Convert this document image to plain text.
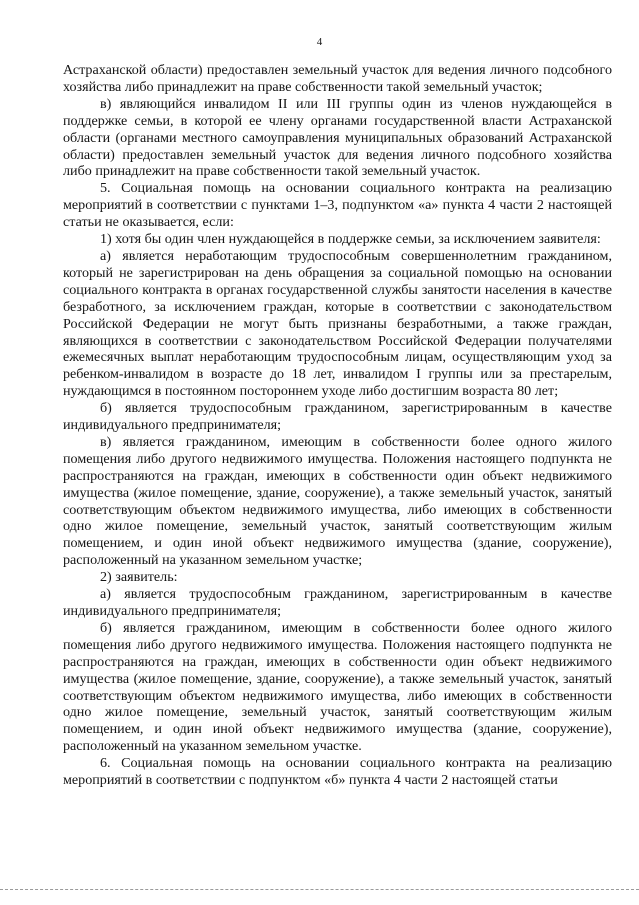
4

Астраханской области) предоставлен земельный участок для ведения личного подсобного хозяйства либо принадлежит на праве собственности такой земельный участок;

в) являющийся инвалидом II или III группы один из членов нуждающейся в поддержке семьи, в которой ее члену органами государственной власти Астраханской области (органами местного самоуправления муниципальных образований Астраханской области) предоставлен земельный участок для ведения личного подсобного хозяйства либо принадлежит на праве собственности такой земельный участок.

5. Социальная помощь на основании социального контракта на реализацию мероприятий в соответствии с пунктами 1–3, подпунктом «а» пункта 4 части 2 настоящей статьи не оказывается, если:

1) хотя бы один член нуждающейся в поддержке семьи, за исключением заявителя:

а) является неработающим трудоспособным совершеннолетним гражданином, который не зарегистрирован на день обращения за социальной помощью на основании социального контракта в органах государственной службы занятости населения в качестве безработного, за исключением граждан, которые в соответствии с законодательством Российской Федерации не могут быть признаны безработными, а также граждан, являющихся в соответствии с законодательством Российской Федерации получателями ежемесячных выплат неработающим трудоспособным лицам, осуществляющим уход за ребенком-инвалидом в возрасте до 18 лет, инвалидом I группы или за престарелым, нуждающимся в постоянном постороннем уходе либо достигшим возраста 80 лет;

б) является трудоспособным гражданином, зарегистрированным в качестве индивидуального предпринимателя;

в) является гражданином, имеющим в собственности более одного жилого помещения либо другого недвижимого имущества. Положения настоящего подпункта не распространяются на граждан, имеющих в собственности один объект недвижимого имущества (жилое помещение, здание, сооружение), а также земельный участок, занятый соответствующим объектом недвижимого имущества, либо имеющих в собственности одно жилое помещение, земельный участок, занятый соответствующим жилым помещением, и один иной объект недвижимого имущества (здание, сооружение), расположенный на указанном земельном участке;

2) заявитель:

а) является трудоспособным гражданином, зарегистрированным в качестве индивидуального предпринимателя;

б) является гражданином, имеющим в собственности более одного жилого помещения либо другого недвижимого имущества. Положения настоящего подпункта не распространяются на граждан, имеющих в собственности один объект недвижимого имущества (жилое помещение, здание, сооружение), а также земельный участок, занятый соответствующим объектом недвижимого имущества, либо имеющих в собственности одно жилое помещение, земельный участок, занятый соответствующим жилым помещением, и один иной объект недвижимого имущества (здание, сооружение), расположенный на указанном земельном участке.

6. Социальная помощь на основании социального контракта на реализацию мероприятий в соответствии с подпунктом «б» пункта 4 части 2 настоящей статьи
